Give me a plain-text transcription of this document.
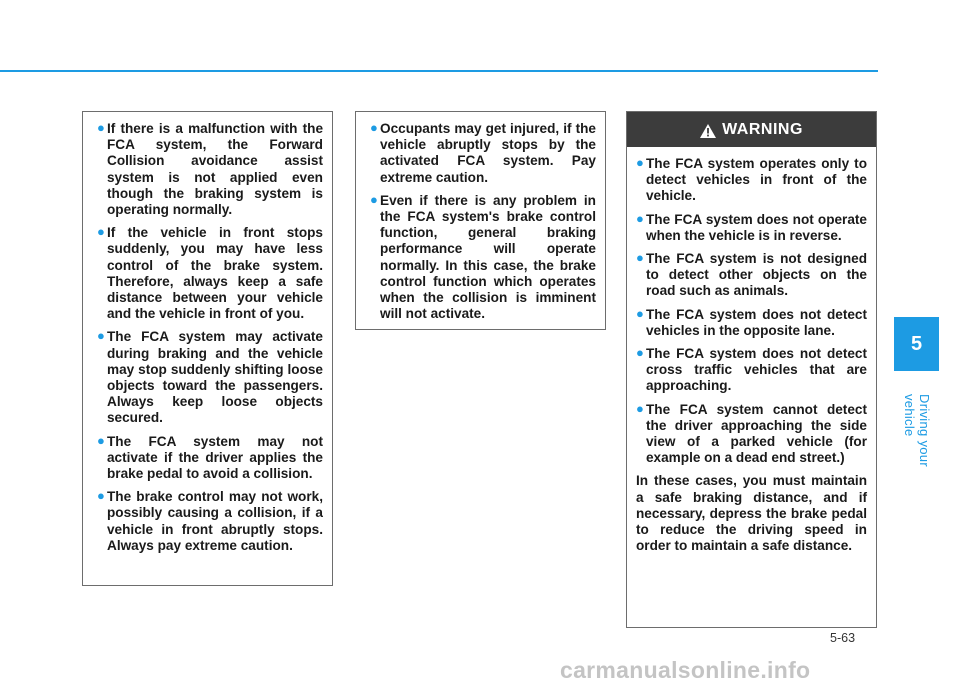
5
Driving your vehicle
● If there is a malfunction with the FCA system, the Forward Collision avoidance assist system is not applied even though the braking system is operating normally.
● If the vehicle in front stops suddenly, you may have less control of the brake system. Therefore, always keep a safe distance between your vehicle and the vehicle in front of you.
● The FCA system may activate during braking and the vehicle may stop suddenly shifting loose objects toward the passengers. Always keep loose objects secured.
● The FCA system may not activate if the driver applies the brake pedal to avoid a collision.
● The brake control may not work, possibly causing a collision, if a vehicle in front abruptly stops. Always pay extreme caution.
● Occupants may get injured, if the vehicle abruptly stops by the activated FCA system. Pay extreme caution.
● Even if there is any problem in the FCA system's brake control function, general braking performance will operate normally. In this case, the brake control function which operates when the collision is imminent will not activate.
WARNING
● The FCA system operates only to detect vehicles in front of the vehicle.
● The FCA system does not operate when the vehicle is in reverse.
● The FCA system is not designed to detect other objects on the road such as animals.
● The FCA system does not detect vehicles in the opposite lane.
● The FCA system does not detect cross traffic vehicles that are approaching.
● The FCA system cannot detect the driver approaching the side view of a parked vehicle (for example on a dead end street.)

In these cases, you must maintain a safe braking distance, and if necessary, depress the brake pedal to reduce the driving speed in order to maintain a safe distance.

5-63
carmanualsonline.info
